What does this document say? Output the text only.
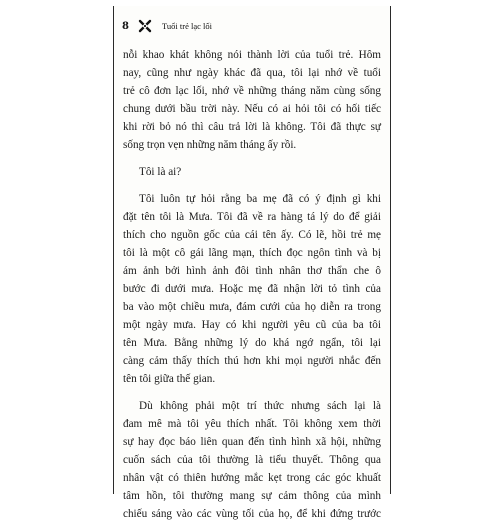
8	Tuổi trẻ lạc lối
nỗi khao khát không nói thành lời của tuổi trẻ. Hôm
nay, cũng như ngày khác đã qua, tôi lại nhớ về tuổi
trẻ cô đơn lạc lối, nhớ về những tháng năm cùng sống
chung dưới bầu trời này. Nếu có ai hỏi tôi có hối tiếc
khi rời bỏ nó thì câu trả lời là không. Tôi đã thực sự
sống trọn vẹn những năm tháng ấy rồi.
Tôi là ai?
Tôi luôn tự hỏi rằng ba mẹ đã có ý định gì khi
đặt tên tôi là Mưa. Tôi đã về ra hàng tá lý do để giải
thích cho nguồn gốc của cái tên ấy. Có lẽ, hồi trẻ mẹ
tôi là một cô gái lãng mạn, thích đọc ngôn tình và bị
ám ảnh bởi hình ảnh đôi tình nhân thơ thẩn che ô
bước đi dưới mưa. Hoặc mẹ đã nhận lời tỏ tình của
ba vào một chiều mưa, đám cưới của họ diễn ra trong
một ngày mưa. Hay có khi người yêu cũ của ba tôi
tên Mưa. Bằng những lý do khá ngớ ngẩn, tôi lại
càng cảm thấy thích thú hơn khi mọi người nhắc đến
tên tôi giữa thế gian.
Dù không phải một trí thức nhưng sách lại là
đam mê mà tôi yêu thích nhất. Tôi không xem thời
sự hay đọc báo liên quan đến tình hình xã hội, những
cuốn sách của tôi thường là tiểu thuyết. Thông qua
nhân vật có thiên hướng mắc kẹt trong các góc khuất
tâm hồn, tôi thường mang sự cảm thông của mình
chiếu sáng vào các vùng tối của họ, để khi đứng trước
